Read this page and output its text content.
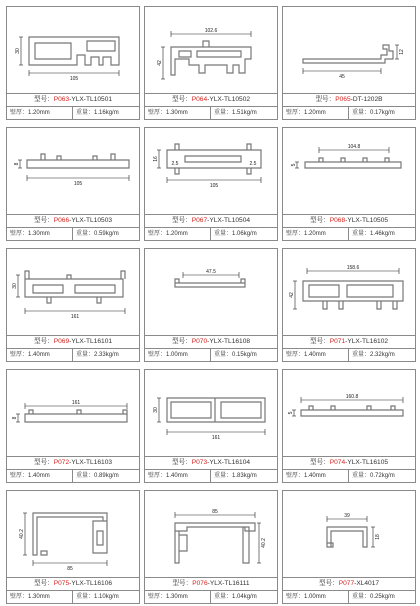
30
105
型号：P063-YLX-TL10501
壁厚：1.20mm	重量：1.16kg/m
102.6
42
型号：P064-YLX-TL10502
壁厚：1.30mm	重量：1.51kg/m
45
12
型号：P065-DT-1202B
壁厚：1.20mm	重量：0.17kg/m
8
105
型号：P066-YLX-TL10503
壁厚：1.30mm	重量：0.59kg/m
16
105
2.5	2.5
型号：P067-YLX-TL10504
壁厚：1.20mm	重量：1.06kg/m
104.8
5
型号：P068-YLX-TL10505
壁厚：1.20mm	重量：1.46kg/m
30
161
型号：P069-YLX-TL16101
壁厚：1.40mm	重量：2.33kg/m
47.5
型号：P070-YLX-TL16108
壁厚：1.00mm	重量：0.15kg/m
158.6
42
型号：P071-YLX-TL16102
壁厚：1.40mm	重量：2.32kg/m
161
8
型号：P072-YLX-TL16103
壁厚：1.40mm	重量：0.89kg/m
30
161
型号：P073-YLX-TL16104
壁厚：1.40mm	重量：1.83kg/m
160.8
5
型号：P074-YLX-TL16105
壁厚：1.40mm	重量：0.72kg/m
40.2
85
型号：P075-YLX-TL16106
壁厚：1.30mm	重量：1.10kg/m
85
40.2
型号：P076-YLX-TL16111
壁厚：1.30mm	重量：1.04kg/m
39
18
型号：P077-XL4017
壁厚：1.00mm	重量：0.25kg/m
